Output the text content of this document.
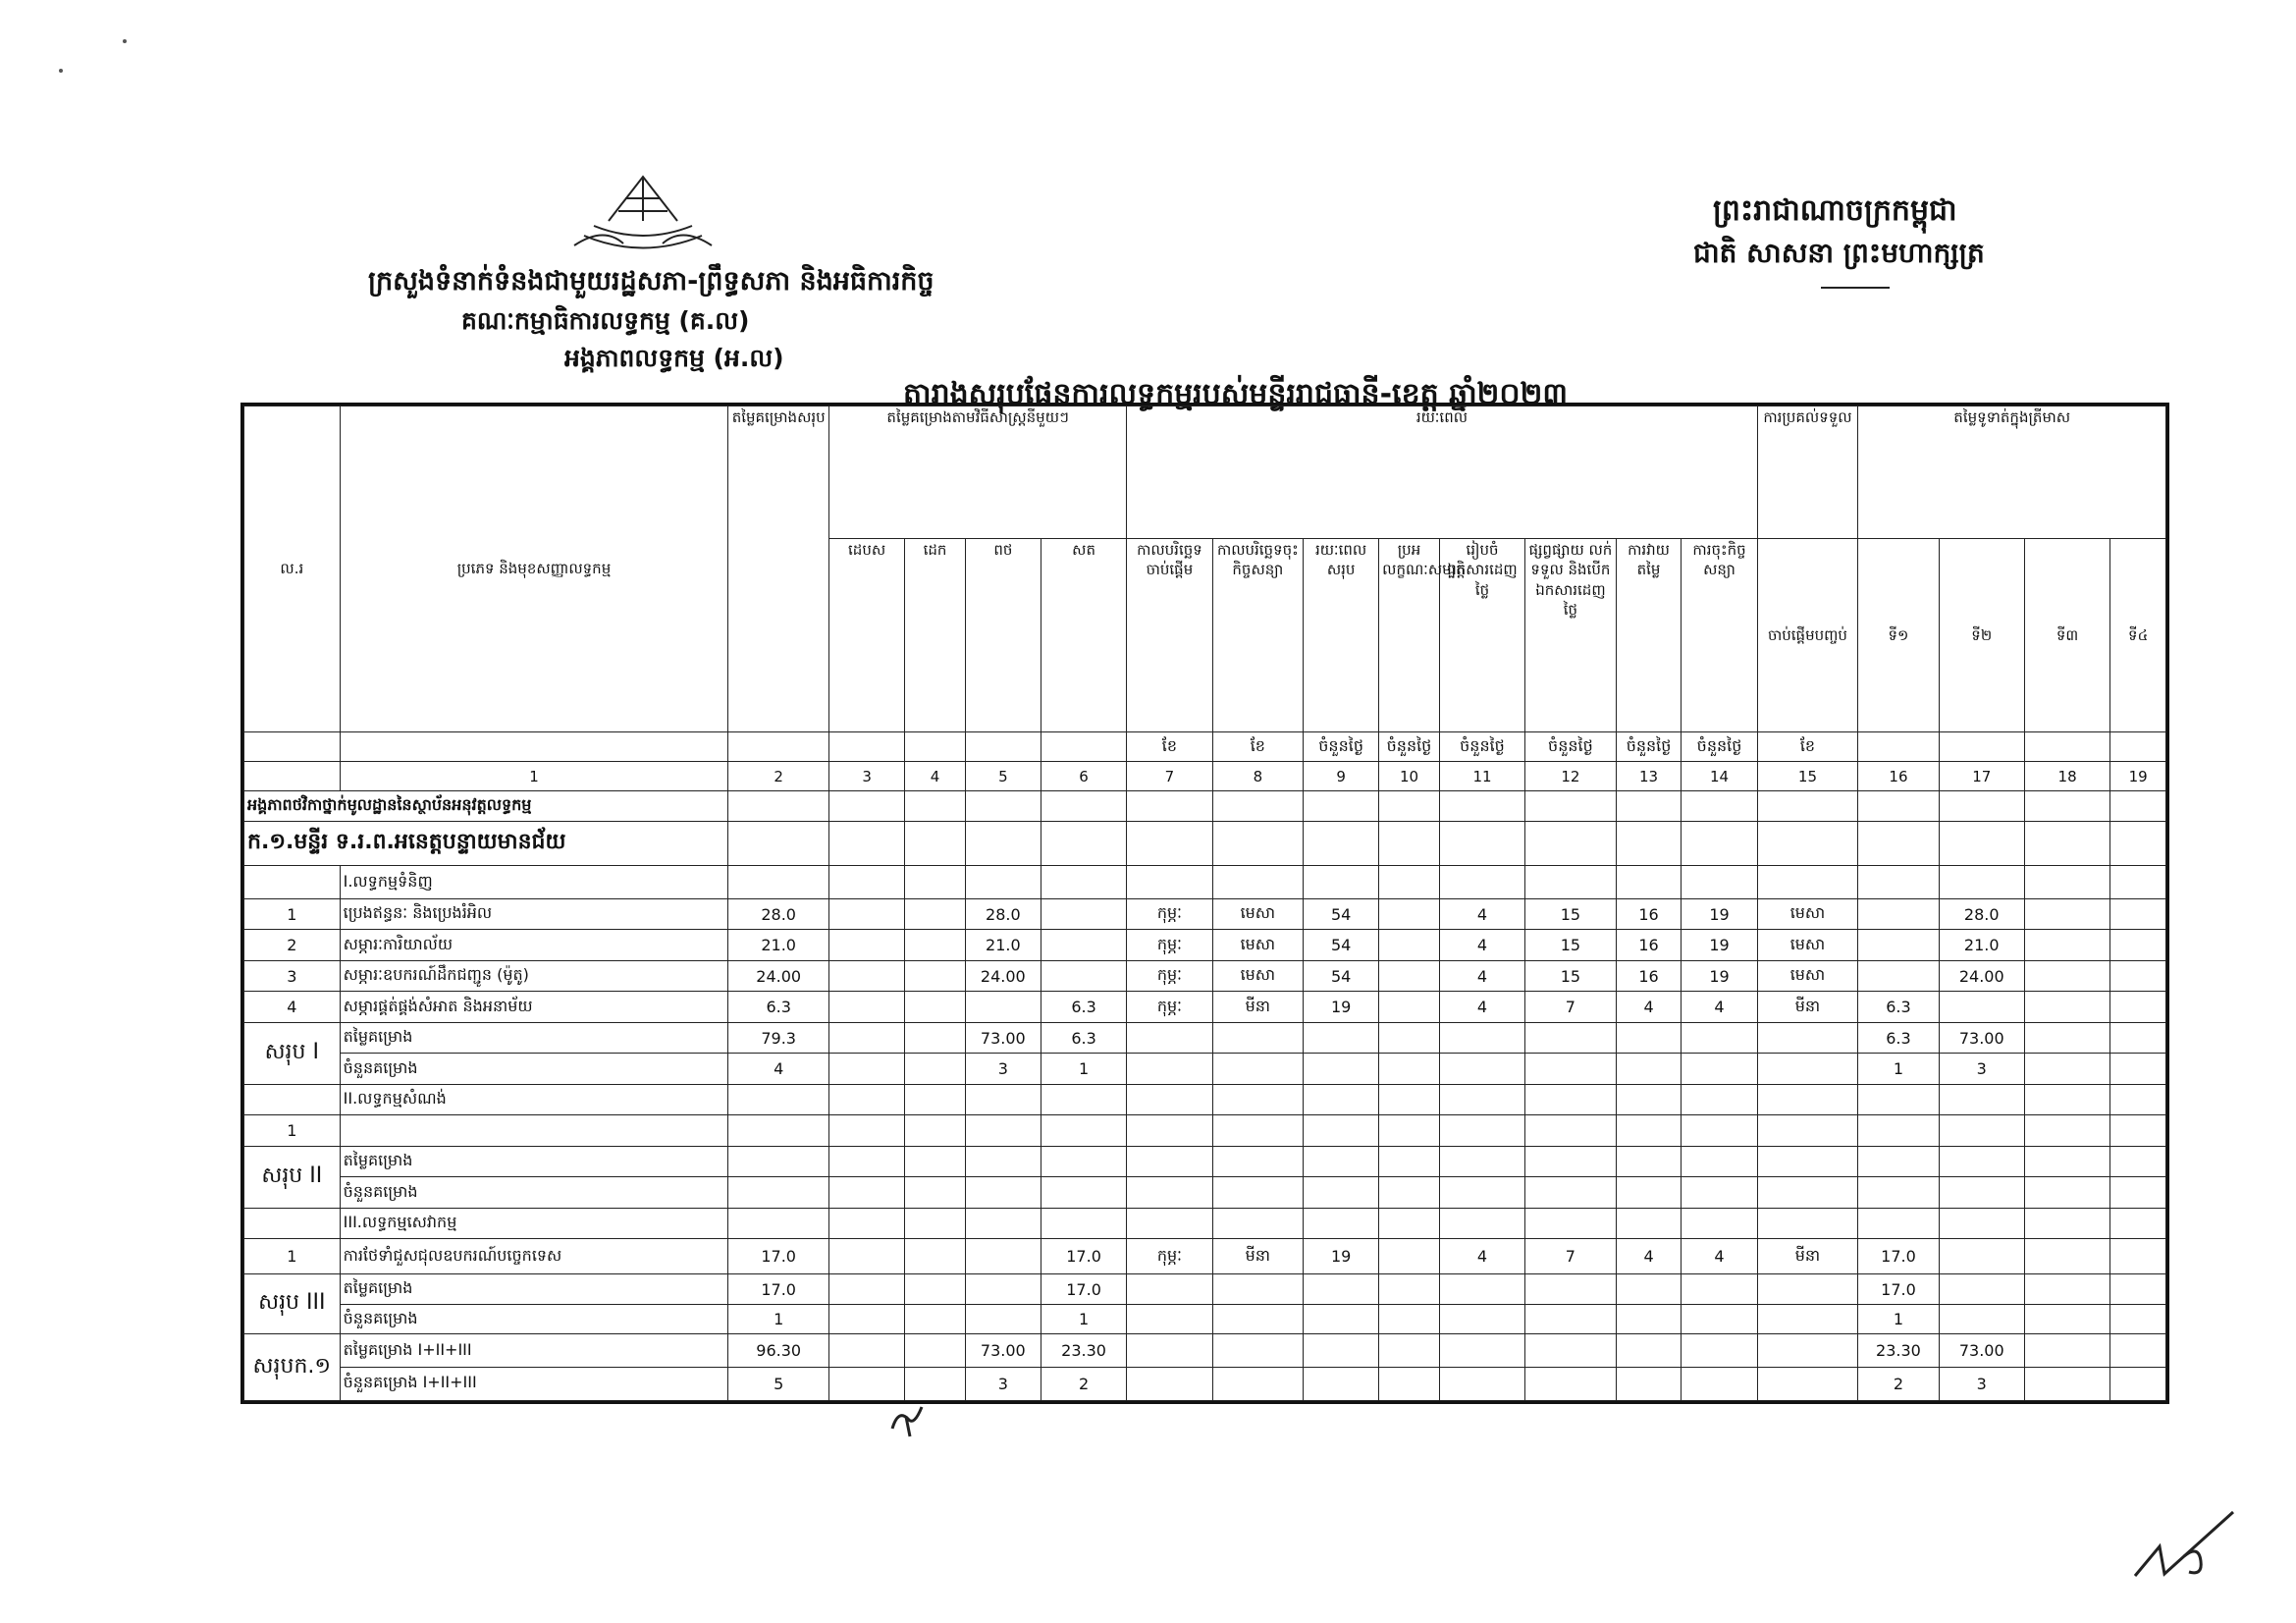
ក្រសួងទំនាក់ទំនងជាមួយរដ្ឋសភា-ព្រឹទ្ធសភា និងអធិការកិច្ច
គណៈកម្មាធិការលទ្ធកម្ម (គ.ល)
អង្គភាពលទ្ធកម្ម (អ.ល)
ព្រះរាជាណាចក្រកម្ពុជា
ជាតិ សាសនា ព្រះមហាក្សត្រ
តារាងសរុបផែនការលទ្ធកម្មរបស់មន្ទីររាជធានី-ខេត្ត ឆ្នាំ២០២៣
ល.រ	ប្រភេទ និងមុខសញ្ញាលទ្ធកម្ម	តម្លៃគម្រោងសរុប	តម្លៃគម្រោងតាមវិធីសាស្ត្រនីមួយៗ				រយៈពេល								ការប្រគល់ទទួល	តម្លៃទូទាត់ក្នុងត្រីមាស			
			ដេបស	ដេក	ពថ	សត	កាលបរិច្ឆេទចាប់ផ្ដើម	កាលបរិច្ឆេទចុះកិច្ចសន្យា	រយៈពេលសរុប	ប្រអលក្ខណៈសម្បត្តិ	រៀបចំឯកសារដេញថ្លៃ	ផ្សព្វផ្សាយ លក់ទទួល និងបើកឯកសារដេញថ្លៃ	ការវាយតម្លៃ	ការចុះកិច្ចសន្យា	ចាប់ផ្ដើមបញ្ចប់	ទី១	ទី២	ទី៣	ទី៤
							ខែ	ខែ	ចំនួនថ្ងៃ	ចំនួនថ្ងៃ	ចំនួនថ្ងៃ	ចំនួនថ្ងៃ	ចំនួនថ្ងៃ	ចំនួនថ្ងៃ	ខែ				
	1	2	3	4	5	6	7	8	9	10	11	12	13	14	15	16	17	18	19
អង្គភាពថវិកាថ្នាក់មូលដ្ឋាននៃស្ថាប័នអនុវត្តលទ្ធកម្ម																			
ក.១.មន្ទីរ ទ.រ.ព.អនេត្តបន្ទាយមានជ័យ																			
	I.លទ្ធកម្មទំនិញ																		
1	ប្រេងឥន្ធនៈ និងប្រេងរំអិល	28.0			28.0		កុម្ភៈ	មេសា	54		4	15	16	19	មេសា		28.0		
2	សម្ភារៈការិយាល័យ	21.0			21.0		កុម្ភៈ	មេសា	54		4	15	16	19	មេសា		21.0		
3	សម្ភារៈឧបករណ៍ដឹកជញ្ជូន (ម៉ូតូ)	24.00			24.00		កុម្ភៈ	មេសា	54		4	15	16	19	មេសា		24.00		
4	សម្ភារផ្គត់ផ្គង់សំអាត និងអនាម័យ	6.3				6.3	កុម្ភៈ	មីនា	19		4	7	4	4	មីនា	6.3			
សរុប I	តម្លៃគម្រោង	79.3			73.00	6.3										6.3	73.00		
	ចំនួនគម្រោង	4			3	1										1	3		
	II.លទ្ធកម្មសំណង់																		
1																			
សរុប II	តម្លៃគម្រោង																		
	ចំនួនគម្រោង																		
	III.លទ្ធកម្មសេវាកម្ម																		
1	ការថែទាំជួសជុលឧបករណ៍បច្ចេកទេស	17.0				17.0	កុម្ភៈ	មីនា	19		4	7	4	4	មីនា	17.0			
សរុប III	តម្លៃគម្រោង	17.0				17.0										17.0			
	ចំនួនគម្រោង	1				1										1			
សរុបក.១	តម្លៃគម្រោង I+II+III	96.30			73.00	23.30										23.30	73.00		
	ចំនួនគម្រោង I+II+III	5			3	2										2	3		
